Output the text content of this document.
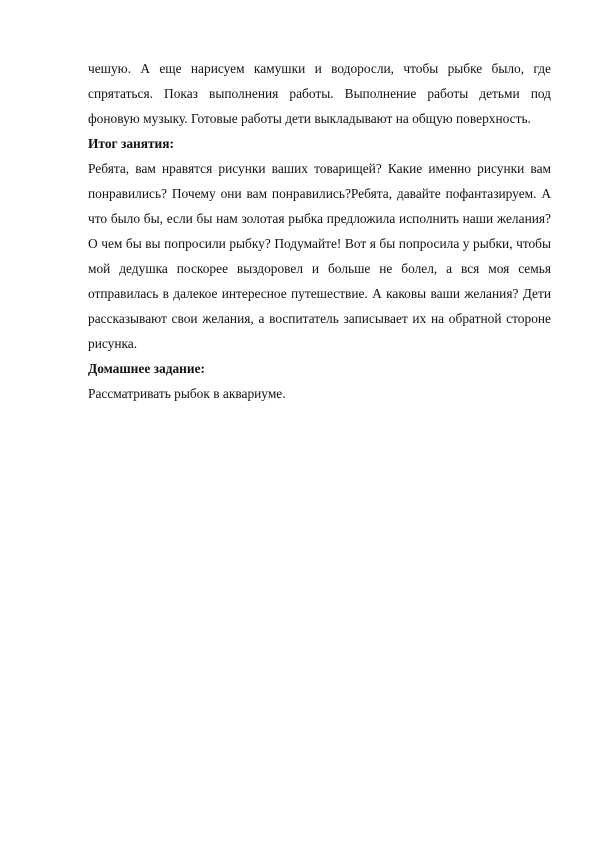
чешую. А еще нарисуем камушки и водоросли, чтобы рыбке было, где спрятаться. Показ выполнения работы. Выполнение работы детьми под фоновую музыку. Готовые работы дети выкладывают на общую поверхность.

Итог занятия:

Ребята, вам нравятся рисунки ваших товарищей? Какие именно рисунки вам понравились? Почему они вам понравились?Ребята, давайте пофантазируем. А что было бы, если бы нам золотая рыбка предложила исполнить наши желания? О чем бы вы попросили рыбку? Подумайте! Вот я бы попросила у рыбки, чтобы мой дедушка поскорее выздоровел и больше не болел, а вся моя семья отправилась в далекое интересное путешествие. А каковы ваши желания? Дети рассказывают свои желания, а воспитатель записывает их на обратной стороне рисунка.

Домашнее задание:

Рассматривать рыбок в аквариуме.
